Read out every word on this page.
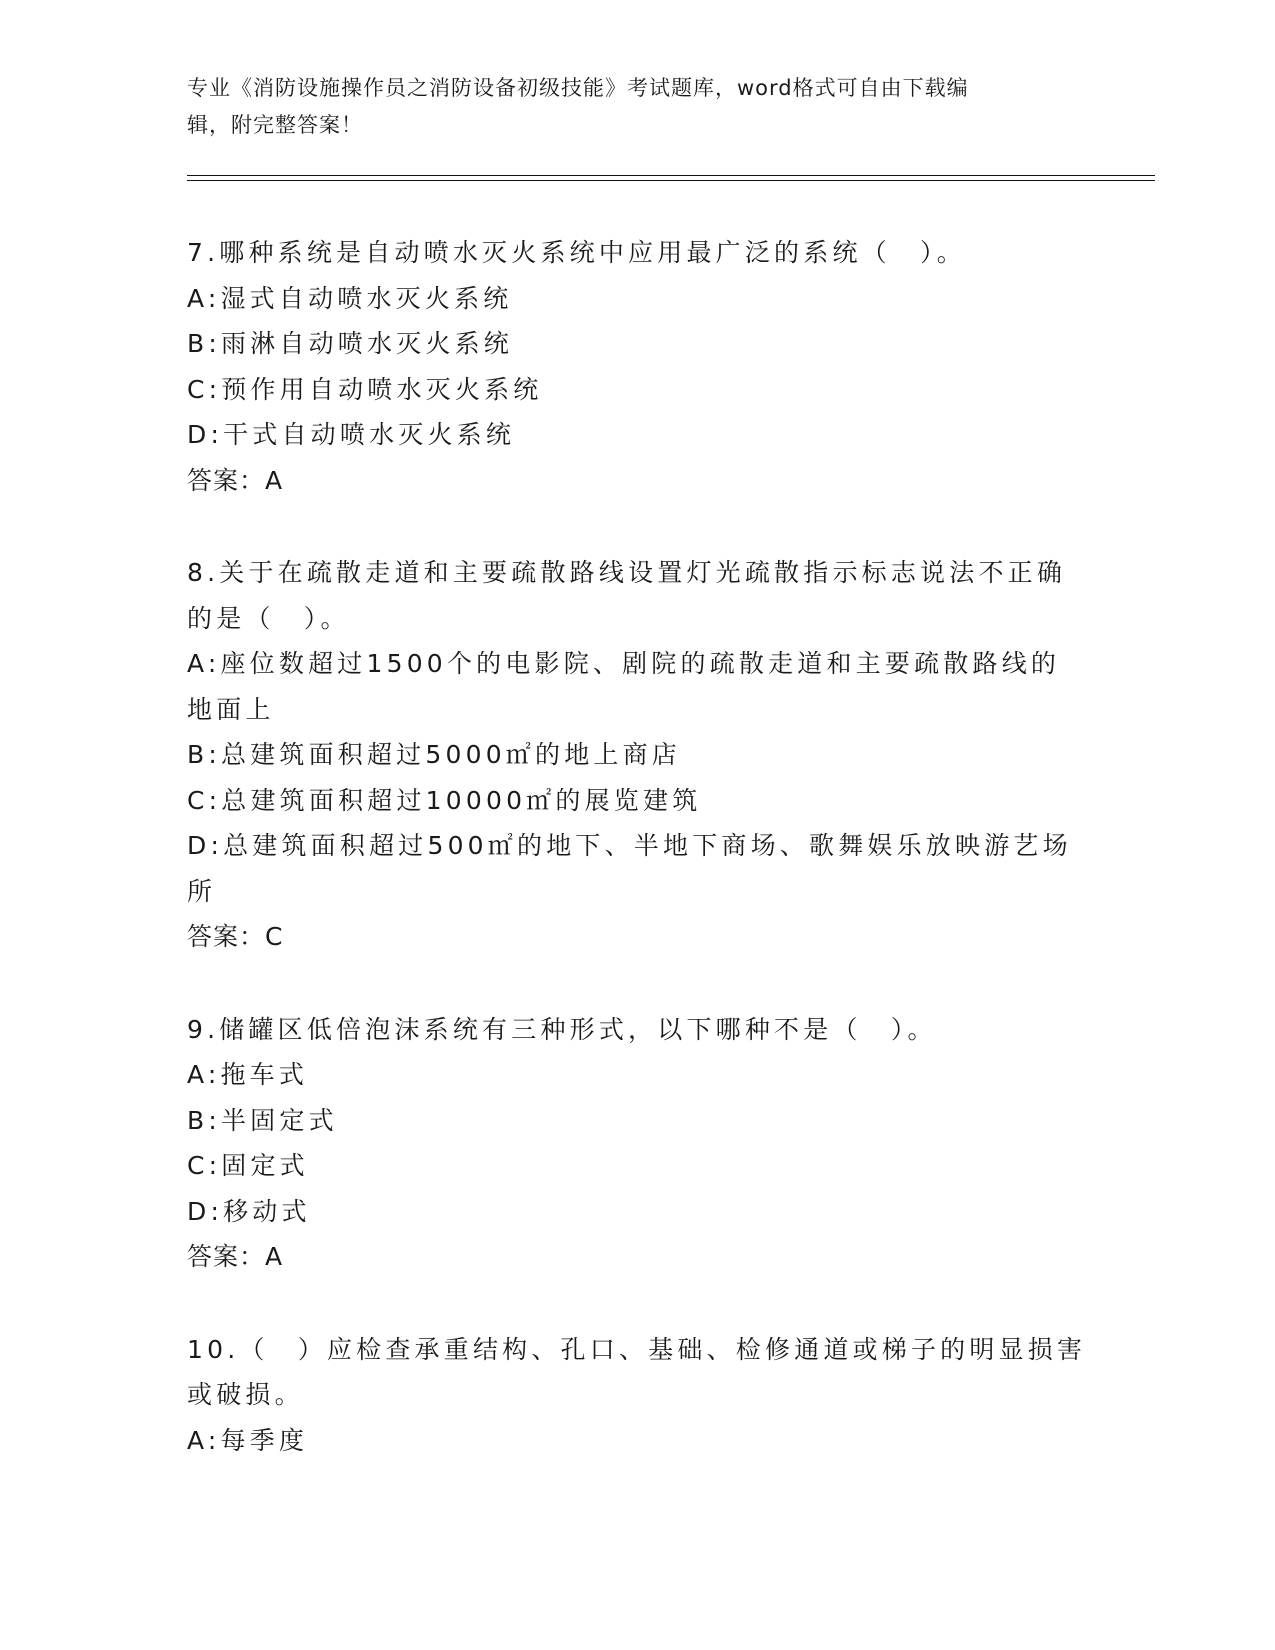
专业《消防设施操作员之消防设备初级技能》考试题库，word格式可自由下载编
辑，附完整答案！
7.哪种系统是自动喷水灭火系统中应用最广泛的系统（　）。
A:湿式自动喷水灭火系统
B:雨淋自动喷水灭火系统
C:预作用自动喷水灭火系统
D:干式自动喷水灭火系统
答案：A
8.关于在疏散走道和主要疏散路线设置灯光疏散指示标志说法不正确
的是（　）。
A:座位数超过1500个的电影院、剧院的疏散走道和主要疏散路线的
地面上
B:总建筑面积超过5000㎡的地上商店
C:总建筑面积超过10000㎡的展览建筑
D:总建筑面积超过500㎡的地下、半地下商场、歌舞娱乐放映游艺场
所
答案：C
9.储罐区低倍泡沫系统有三种形式，以下哪种不是（　）。
A:拖车式
B:半固定式
C:固定式
D:移动式
答案：A
10.（　）应检查承重结构、孔口、基础、检修通道或梯子的明显损害
或破损。
A:每季度
